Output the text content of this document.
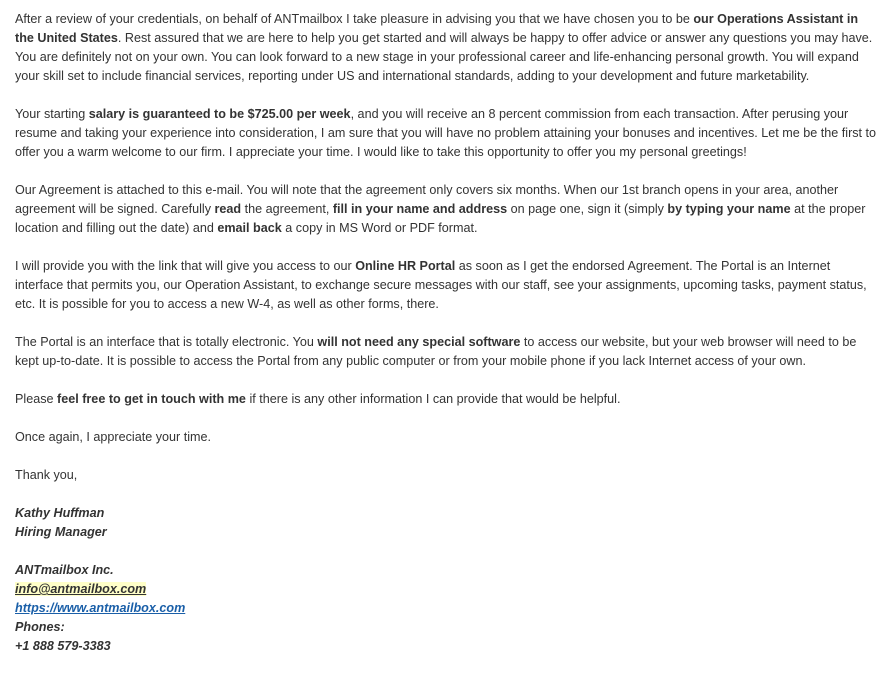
After a review of your credentials, on behalf of ANTmailbox I take pleasure in advising you that we have chosen you to be our Operations Assistant in the United States. Rest assured that we are here to help you get started and will always be happy to offer advice or answer any questions you may have. You are definitely not on your own. You can look forward to a new stage in your professional career and life-enhancing personal growth. You will expand your skill set to include financial services, reporting under US and international standards, adding to your development and future marketability.

Your starting salary is guaranteed to be $725.00 per week, and you will receive an 8 percent commission from each transaction. After perusing your resume and taking your experience into consideration, I am sure that you will have no problem attaining your bonuses and incentives. Let me be the first to offer you a warm welcome to our firm. I appreciate your time. I would like to take this opportunity to offer you my personal greetings!

Our Agreement is attached to this e-mail. You will note that the agreement only covers six months. When our 1st branch opens in your area, another agreement will be signed. Carefully read the agreement, fill in your name and address on page one, sign it (simply by typing your name at the proper location and filling out the date) and email back a copy in MS Word or PDF format.

I will provide you with the link that will give you access to our Online HR Portal as soon as I get the endorsed Agreement. The Portal is an Internet interface that permits you, our Operation Assistant, to exchange secure messages with our staff, see your assignments, upcoming tasks, payment status, etc. It is possible for you to access a new W-4, as well as other forms, there.

The Portal is an interface that is totally electronic. You will not need any special software to access our website, but your web browser will need to be kept up-to-date. It is possible to access the Portal from any public computer or from your mobile phone if you lack Internet access of your own.

Please feel free to get in touch with me if there is any other information I can provide that would be helpful.

Once again, I appreciate your time.

Thank you,

Kathy Huffman
Hiring Manager
ANTmailbox Inc.
info@antmailbox.com
https://www.antmailbox.com
Phones:
+1 888 579-3383
